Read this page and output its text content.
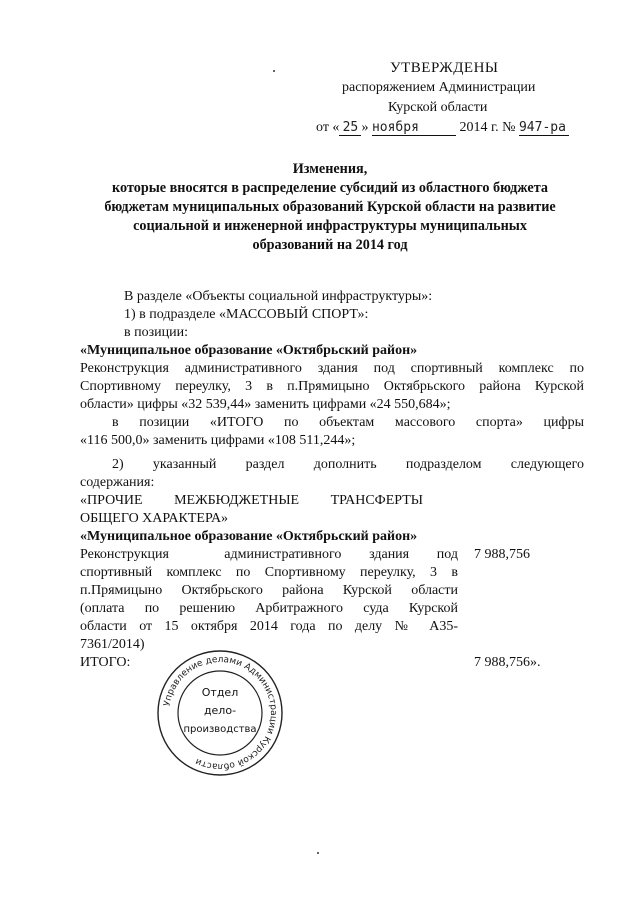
УТВЕРЖДЕНЫ
распоряжением Администрации
Курской области
от « 25 » ноября	2014 г. № 947-ра
Изменения,
которые вносятся в распределение субсидий из областного бюджета
бюджетам муниципальных образований Курской области на развитие
социальной и инженерной инфраструктуры муниципальных
образований на 2014 год
В разделе «Объекты социальной инфраструктуры»:
1) в подразделе «МАССОВЫЙ СПОРТ»:
в позиции:
«Муниципальное образование «Октябрьский район»
Реконструкция административного здания под спортивный комплекс по
Спортивному переулку, 3 в п.Прямицыно Октябрьского района Курской
области» цифры «32 539,44» заменить цифрами «24 550,684»;
в позиции «ИТОГО по объектам массового спорта» цифры
«116 500,0» заменить цифрами «108 511,244»;
2) указанный раздел дополнить подразделом следующего
содержания:
«ПРОЧИЕ         МЕЖБЮДЖЕТНЫЕ         ТРАНСФЕРТЫ
ОБЩЕГО ХАРАКТЕРА»
«Муниципальное образование «Октябрьский район»
Реконструкция      административного   здания   под
спортивный комплекс по Спортивному переулку, 3 в
п.Прямицыно Октябрьского района Курской области
(оплата  по  решению  Арбитражного  суда  Курской
области от 15 октября 2014 года по делу № А35-
7361/2014)
7 988,756
ИТОГО:	7 988,756».
Управление делами Администрации Курской области
Отдел
дело-
производства
